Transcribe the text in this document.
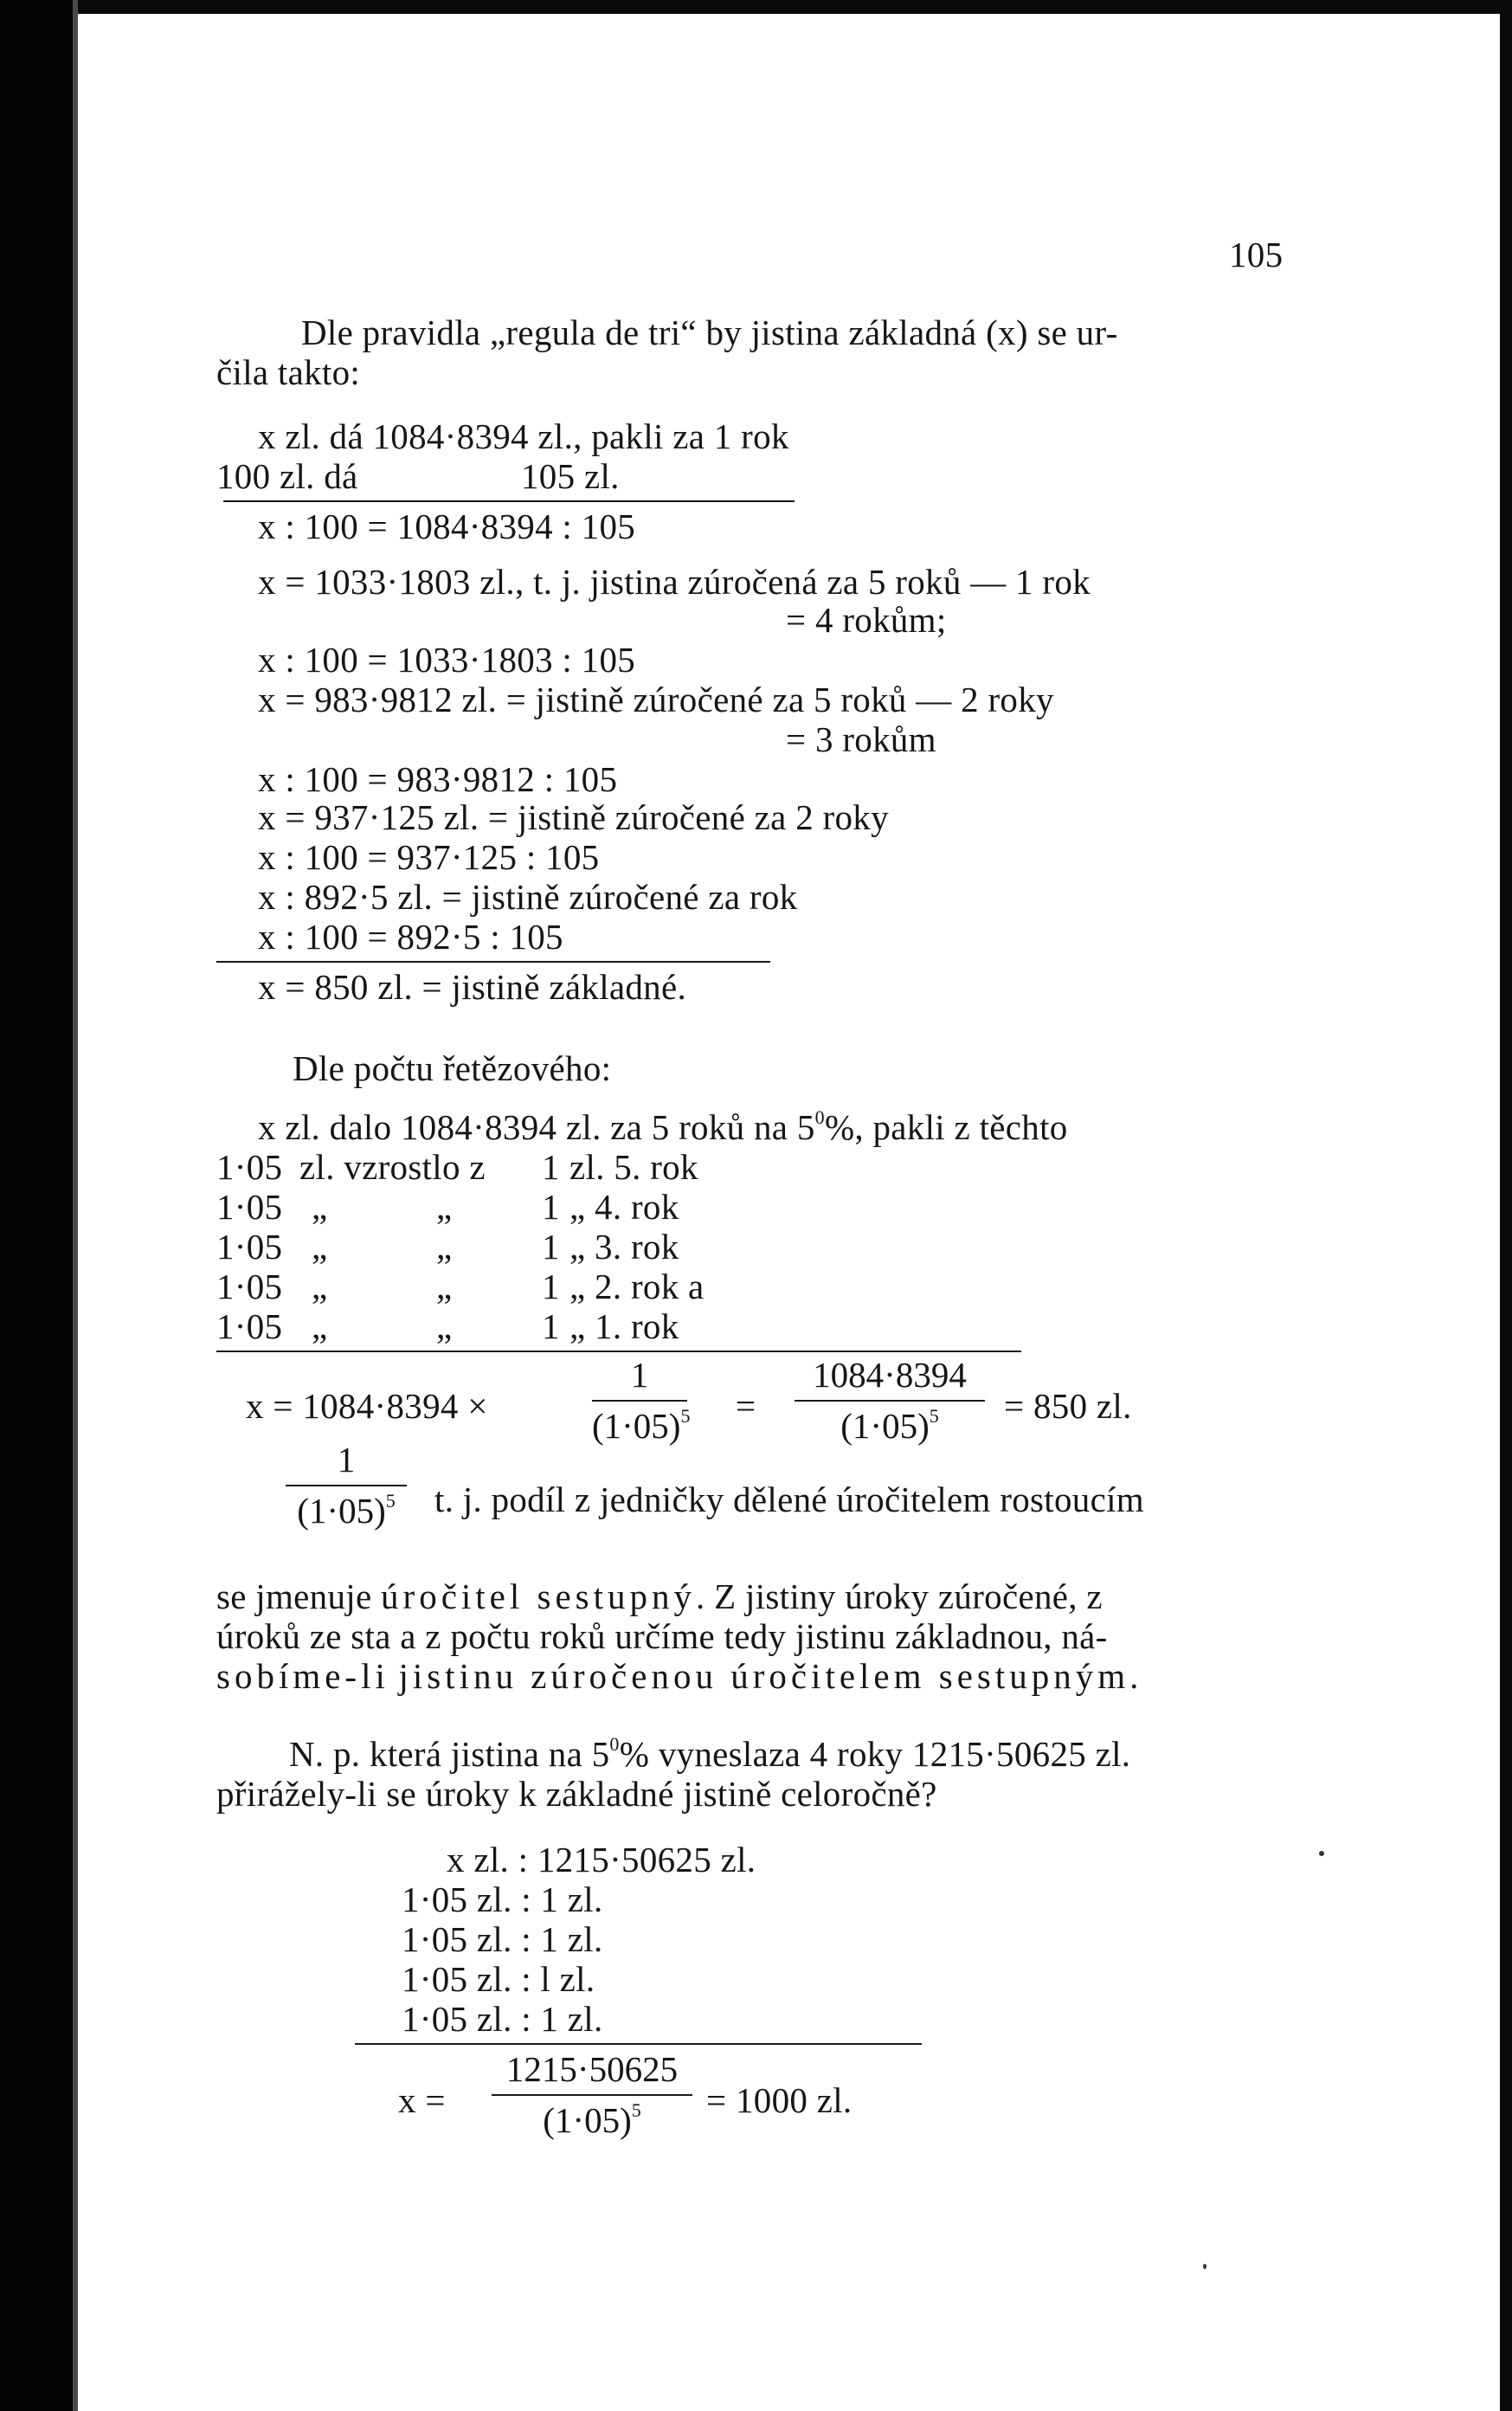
105
Dle pravidla „regula de tri“ by jistina základná (x) se ur-
čila takto:
x zl. dá 1084·8394 zl., pakli za 1 rok
100 zl. dá	105 zl.
x : 100 = 1084·8394 : 105
x = 1033·1803 zl., t. j. jistina zúročená za 5 roků — 1 rok
= 4 rokům;
x : 100 = 1033·1803 : 105
x = 983·9812 zl. = jistině zúročené za 5 roků — 2 roky
= 3 rokům
x : 100 = 983·9812 : 105
x = 937·125 zl. = jistině zúročené za 2 roky
x : 100 = 937·125 : 105
x : 892·5 zl. = jistině zúročené za rok
x : 100 = 892·5 : 105
x = 850 zl. = jistině základné.
Dle počtu řetězového:
x zl. dalo 1084·8394 zl. za 5 roků na $5^0\%$, pakli z těchto
1·05 zl. vzrostlo z 1 zl. 5. rok
1·05 „	„	1 „ 4. rok
1·05 „	„	1 „ 3. rok
1·05 „	„	1 „ 2. rok a
1·05 „	„	1 „ 1. rok
x = 1084·8394 ×	$\frac{1}{(1\cdot 05)^5} = \frac{1084\cdot 8394}{(1\cdot 05)^5} = 850$ zl.
$\frac{1}{(1\cdot 05)^5} t$. j. podíl z jedničky dělené úročitelem rostoucím
se jmenuje úročitel sestupný. Z jistiny úroky zúročené, z
úroků ze sta a z počtu roků určíme tedy jistinu základnou, ná-
sobíme-li jistinu zúročenou úročitelem sestupným.
N. p. která jistina na $5^0\%$ vyneslaza 4 roky 1215·50625 zl.
přirážely-li se úroky k základné jistině celoročně?
x zl. : 1215·50625 zl.
1·05 zl. : 1 zl.
1·05 zl. : 1 zl.
1·05 zl. : l zl.
1·05 zl. : 1 zl.
$x = \frac{1215\cdot 50625}{(1\cdot 05)^5} = 1000$ zl.
